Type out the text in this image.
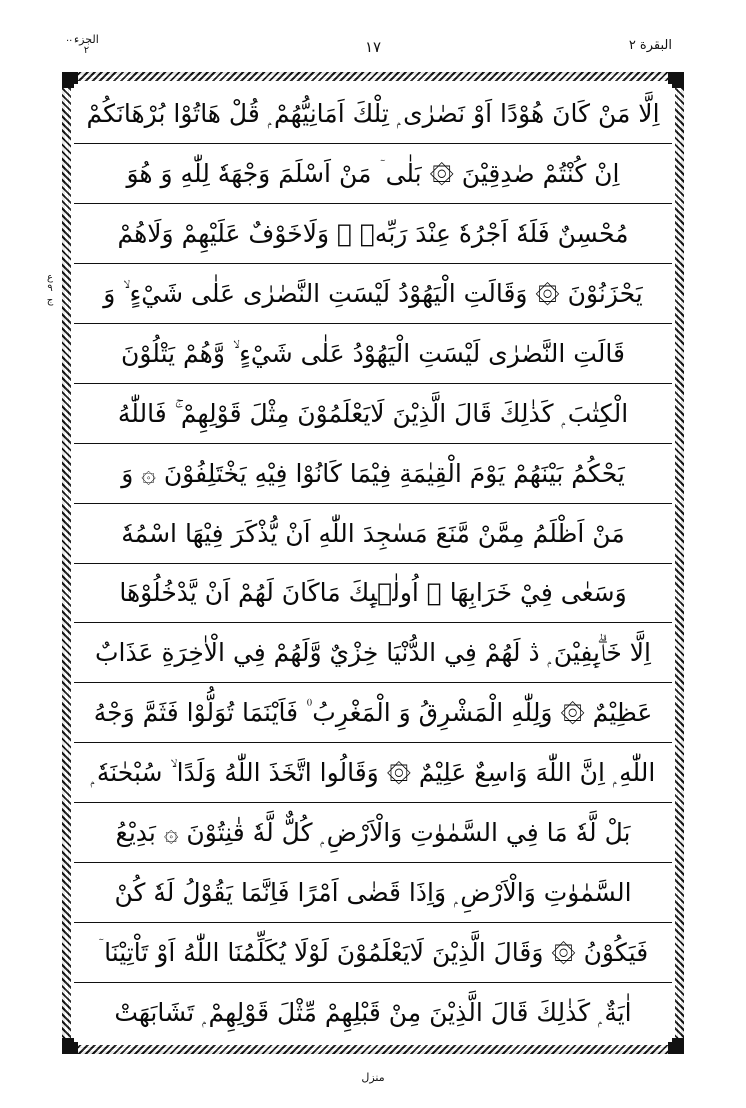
··	البقرة ٢
١٧
الجزء
٢
ع
٩
ج
اِلَّا مَنْ كَانَ هُوْدًا اَوْ نَصٰرٰى ۭ تِلْكَ اَمَانِيُّهُمْ ۭ قُلْ هَاتُوْا بُرْهَانَكُمْ
اِنْ كُنْتُمْ صٰدِقِيْنَ ۞ بَلٰى ۤ مَنْ اَسْلَمَ وَجْهَهٗ لِلّٰهِ وَ هُوَ
مُحْسِنٌ فَلَهٗ اَجْرُهٗ عِنْدَ رَبِّهٖ ۠ وَلَاخَوْفٌ عَلَيْهِمْ وَلَاهُمْ
يَحْزَنُوْنَ ۞ وَقَالَتِ الْيَهُوْدُ لَيْسَتِ النَّصٰرٰى عَلٰى شَيْءٍ ۙ وَ
قَالَتِ النَّصٰرٰى لَيْسَتِ الْيَهُوْدُ عَلٰى شَيْءٍ ۙ وَّهُمْ يَتْلُوْنَ
الْكِتٰبَ ۭ كَذٰلِكَ قَالَ الَّذِيْنَ لَايَعْلَمُوْنَ مِثْلَ قَوْلِهِمْ ۚ فَاللّٰهُ
يَحْكُمُ بَيْنَهُمْ يَوْمَ الْقِيٰمَةِ فِيْمَا كَانُوْا فِيْهِ يَخْتَلِفُوْنَ ۞ وَ
مَنْ اَظْلَمُ مِمَّنْ مَّنَعَ مَسٰجِدَ اللّٰهِ اَنْ يُّذْكَرَ فِيْهَا اسْمُهٗ
وَسَعٰى فِيْ خَرَابِهَا ۭ اُولٰۗىِٕكَ مَاكَانَ لَهُمْ اَنْ يَّدْخُلُوْهَا
اِلَّا خَاۗىِٕفِيْنَ ۭ ڎ لَهُمْ فِي الدُّنْيَا خِزْيٌ وَّلَهُمْ فِي الْاٰخِرَةِ عَذَابٌ
عَظِيْمٌ ۞ وَلِلّٰهِ الْمَشْرِقُ وَ الْمَغْرِبُ ۠ فَاَيْنَمَا تُوَلُّوْا فَثَمَّ وَجْهُ
اللّٰهِ ۭ اِنَّ اللّٰهَ وَاسِعٌ عَلِيْمٌ ۞ وَقَالُوا اتَّخَذَ اللّٰهُ وَلَدًا ۙ سُبْحٰنَهٗ ۭ
بَلْ لَّهٗ مَا فِي السَّمٰوٰتِ وَالْاَرْضِ ۭ كُلٌّ لَّهٗ قٰنِتُوْنَ ۞ بَدِيْعُ
السَّمٰوٰتِ وَالْاَرْضِ ۭ وَاِذَا قَضٰى اَمْرًا فَاِنَّمَا يَقُوْلُ لَهٗ كُنْ
فَيَكُوْنُ ۞ وَقَالَ الَّذِيْنَ لَايَعْلَمُوْنَ لَوْلَا يُكَلِّمُنَا اللّٰهُ اَوْ تَاْتِيْنَا ۤ
اٰيَةٌ ۭ كَذٰلِكَ قَالَ الَّذِيْنَ مِنْ قَبْلِهِمْ مِّثْلَ قَوْلِهِمْ ۭ تَشَابَهَتْ
منزل
